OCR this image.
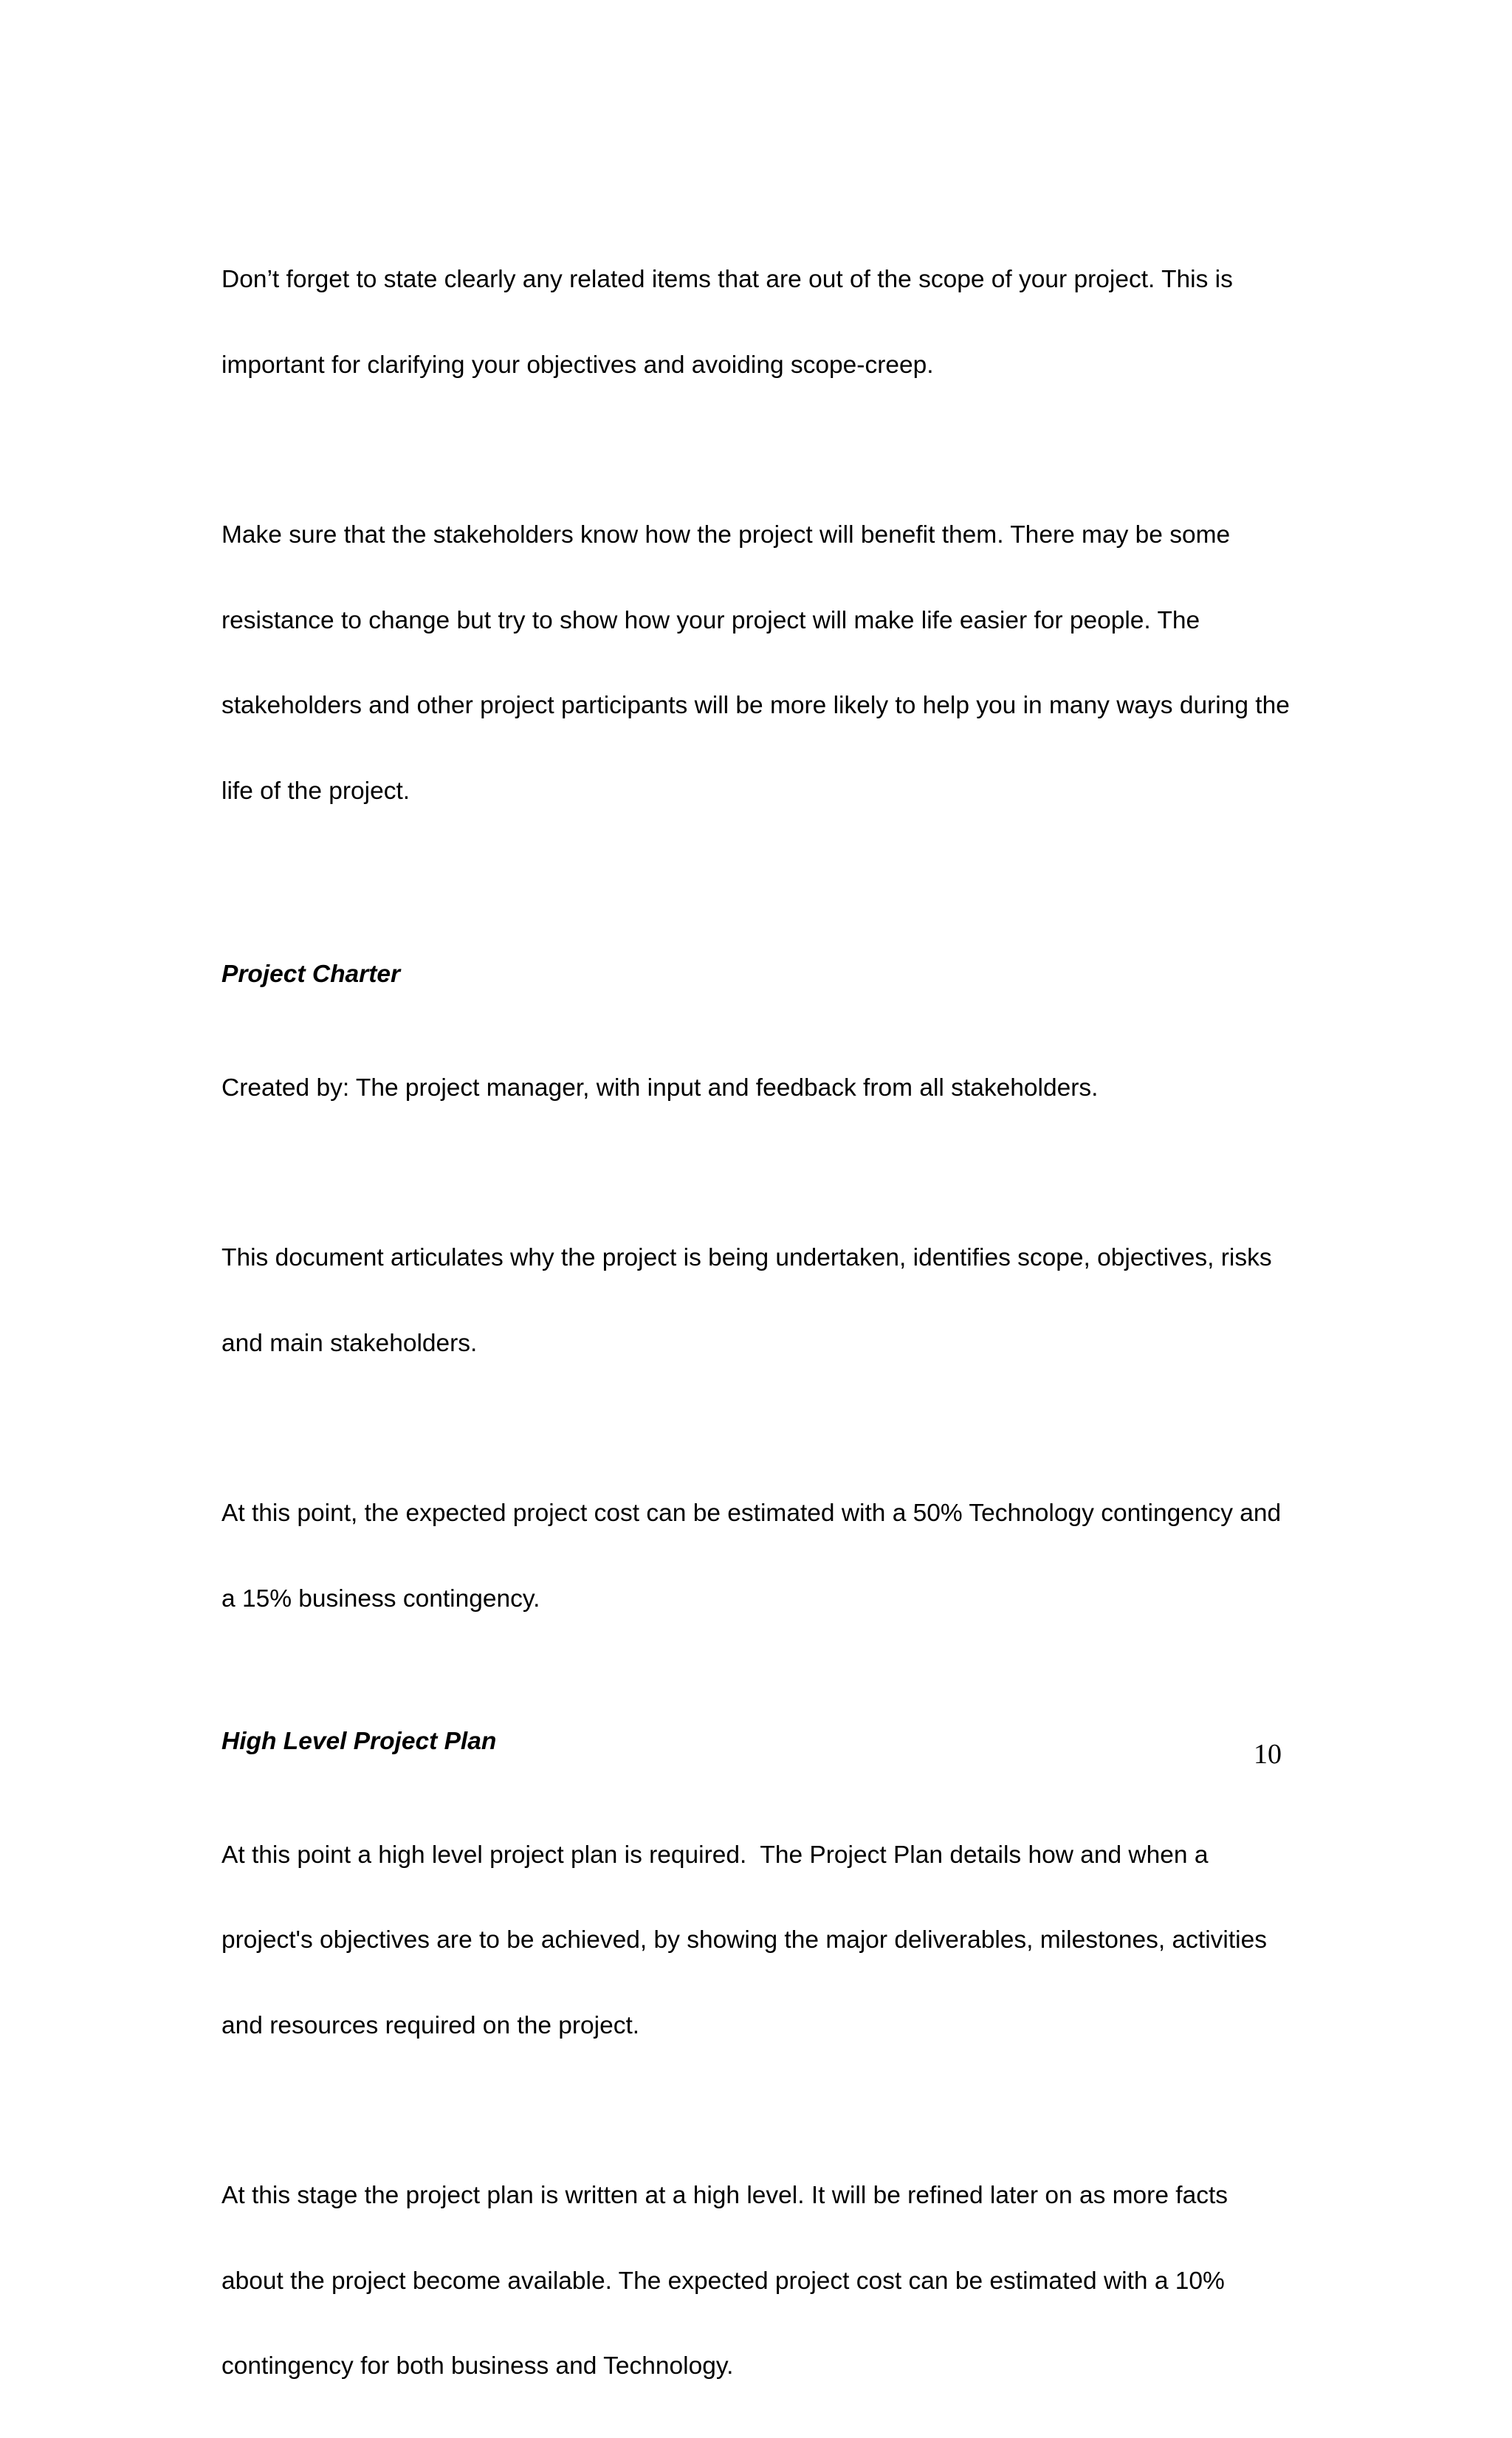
Don’t forget to state clearly any related items that are out of the scope of your project. This is

important for clarifying your objectives and avoiding scope-creep.

Make sure that the stakeholders know how the project will benefit them. There may be some

resistance to change but try to show how your project will make life easier for people. The

stakeholders and other project participants will be more likely to help you in many ways during the

life of the project.

Project Charter

Created by: The project manager, with input and feedback from all stakeholders.

This document articulates why the project is being undertaken, identifies scope, objectives, risks

and main stakeholders.

At this point, the expected project cost can be estimated with a 50% Technology contingency and

a 15% business contingency.

High Level Project Plan

At this point a high level project plan is required.  The Project Plan details how and when a

project's objectives are to be achieved, by showing the major deliverables, milestones, activities

and resources required on the project.

At this stage the project plan is written at a high level. It will be refined later on as more facts

about the project become available. The expected project cost can be estimated with a 10%

contingency for both business and Technology.

10
